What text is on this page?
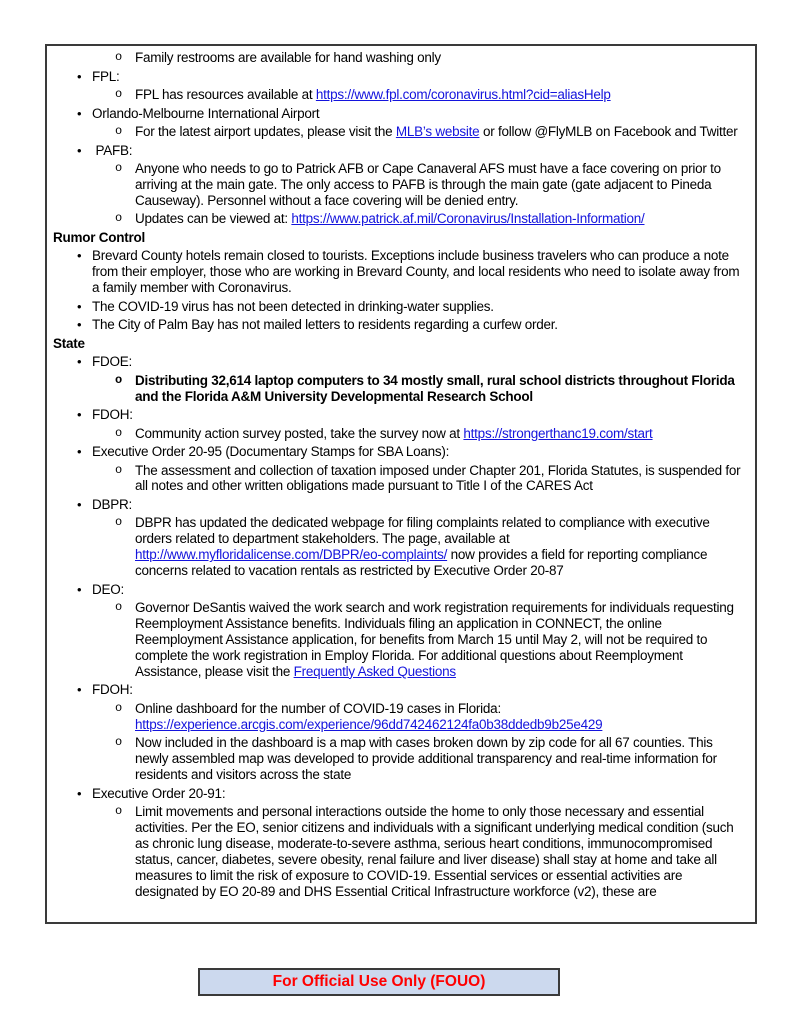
o Family restrooms are available for hand washing only
• FPL:
o FPL has resources available at https://www.fpl.com/coronavirus.html?cid=aliasHelp
• Orlando-Melbourne International Airport
o For the latest airport updates, please visit the MLB’s website or follow @FlyMLB on Facebook and Twitter
• PAFB:
o Anyone who needs to go to Patrick AFB or Cape Canaveral AFS must have a face covering on prior to arriving at the main gate. The only access to PAFB is through the main gate (gate adjacent to Pineda Causeway). Personnel without a face covering will be denied entry.
o Updates can be viewed at: https://www.patrick.af.mil/Coronavirus/Installation-Information/
Rumor Control
• Brevard County hotels remain closed to tourists. Exceptions include business travelers who can produce a note from their employer, those who are working in Brevard County, and local residents who need to isolate away from a family member with Coronavirus.
• The COVID-19 virus has not been detected in drinking-water supplies.
• The City of Palm Bay has not mailed letters to residents regarding a curfew order.
State
• FDOE:
o Distributing 32,614 laptop computers to 34 mostly small, rural school districts throughout Florida and the Florida A&M University Developmental Research School
• FDOH:
o Community action survey posted, take the survey now at https://strongerthanc19.com/start
• Executive Order 20-95 (Documentary Stamps for SBA Loans):
o The assessment and collection of taxation imposed under Chapter 201, Florida Statutes, is suspended for all notes and other written obligations made pursuant to Title I of the CARES Act
• DBPR:
o DBPR has updated the dedicated webpage for filing complaints related to compliance with executive orders related to department stakeholders. The page, available at http://www.myfloridalicense.com/DBPR/eo-complaints/ now provides a field for reporting compliance concerns related to vacation rentals as restricted by Executive Order 20-87
• DEO:
o Governor DeSantis waived the work search and work registration requirements for individuals requesting Reemployment Assistance benefits. Individuals filing an application in CONNECT, the online Reemployment Assistance application, for benefits from March 15 until May 2, will not be required to complete the work registration in Employ Florida. For additional questions about Reemployment Assistance, please visit the Frequently Asked Questions
• FDOH:
o Online dashboard for the number of COVID-19 cases in Florida: https://experience.arcgis.com/experience/96dd742462124fa0b38ddedb9b25e429
o Now included in the dashboard is a map with cases broken down by zip code for all 67 counties. This newly assembled map was developed to provide additional transparency and real-time information for residents and visitors across the state
• Executive Order 20-91:
o Limit movements and personal interactions outside the home to only those necessary and essential activities. Per the EO, senior citizens and individuals with a significant underlying medical condition (such as chronic lung disease, moderate-to-severe asthma, serious heart conditions, immunocompromised status, cancer, diabetes, severe obesity, renal failure and liver disease) shall stay at home and take all measures to limit the risk of exposure to COVID-19. Essential services or essential activities are designated by EO 20-89 and DHS Essential Critical Infrastructure workforce (v2), these are
For Official Use Only (FOUO)
